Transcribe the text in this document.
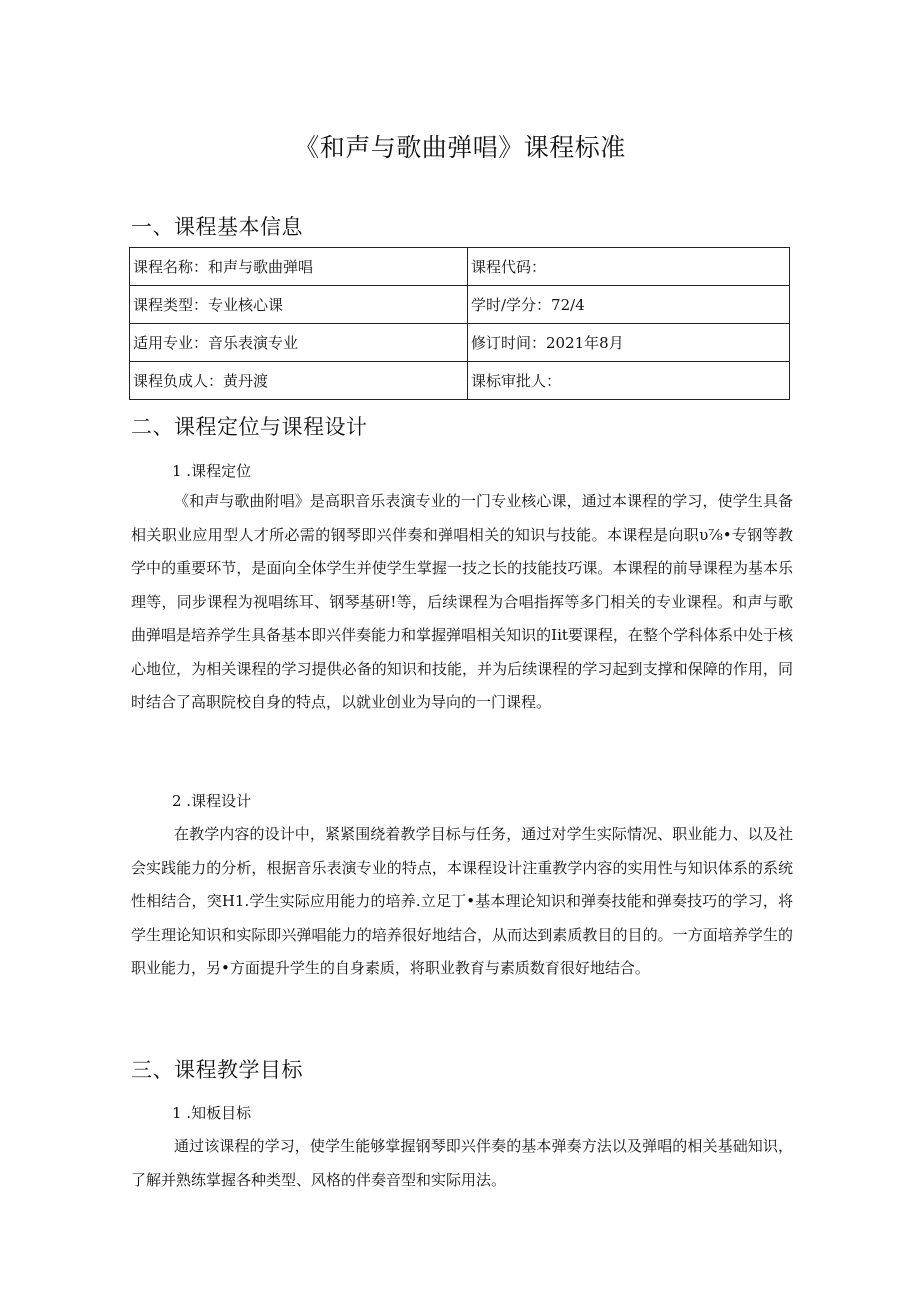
《和声与歌曲弹唱》课程标准
一、课程基本信息
课程名称：和声与歌曲弹唱	课程代码：
课程类型：专业核心课	学时/学分：72/4
适用专业：音乐表演专业	修订时间：2021年8月
课程负成人：黄丹渡	课标审批人：
二、课程定位与课程设计
1 .课程定位

《和声与歌曲附唱》是高职音乐表演专业的一门专业核心课，通过本课程的学习，使学生具备相关职业应用型人才所必需的钢琴即兴伴奏和弹唱相关的知识与技能。本课程是向职υ⅞•专钢等教学中的重要环节，是面向全体学生并使学生掌握一技之长的技能技巧课。本课程的前导课程为基本乐理等，同步课程为视唱练耳、钢琴基研!等，后续课程为合唱指挥等多门相关的专业课程。和声与歌曲弹唱是培养学生具备基本即兴伴奏能力和掌握弹唱相关知识的Iit要课程，在整个学科体系中处于核心地位，为相关课程的学习提供必备的知识和技能，并为后续课程的学习起到支撑和保障的作用，同时结合了高职院校自身的特点，以就业创业为导向的一门课程。

2 .课程设计

在教学内容的设计中，紧紧围绕着教学目标与任务，通过对学生实际情况、职业能力、以及社会实践能力的分析，根据音乐表演专业的特点，本课程设计注重教学内容的实用性与知识体系的系统性相结合，突H1.学生实际应用能力的培养.立足丁•基本理论知识和弹奏技能和弹奏技巧的学习，将学生理论知识和实际即兴弹唱能力的培养很好地结合，从而达到素质教目的目的。一方面培养学生的职业能力，另•方面提升学生的自身素质，将职业教育与素质数育很好地结合。

三、课程教学目标
1 .知板目标

通过该课程的学习，使学生能够掌握钢琴即兴伴奏的基本弹奏方法以及弹唱的相关基础知识，了解并熟练掌握各种类型、风格的伴奏音型和实际用法。
